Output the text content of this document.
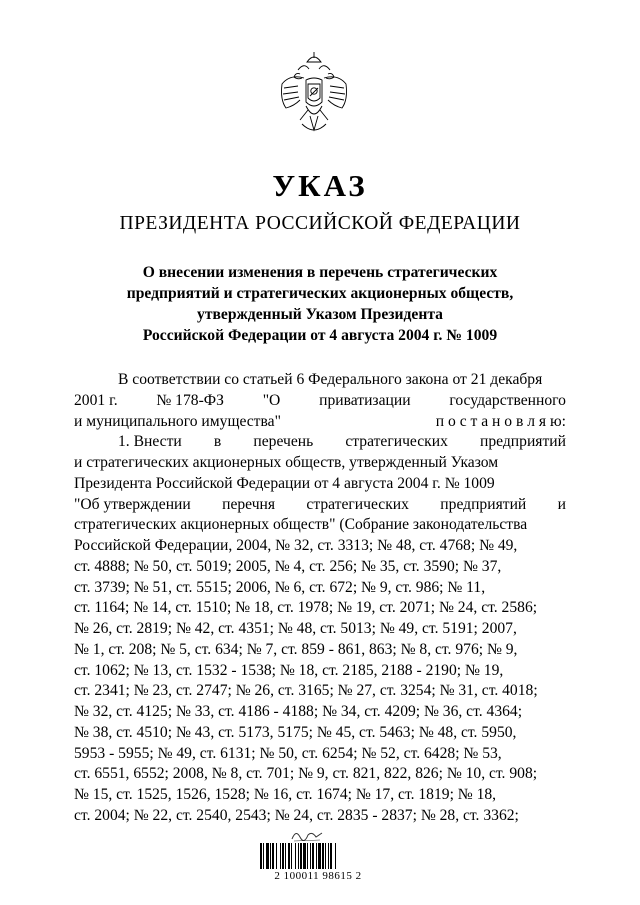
УКАЗ
ПРЕЗИДЕНТА РОССИЙСКОЙ ФЕДЕРАЦИИ
О внесении изменения в перечень стратегических
предприятий и стратегических акционерных обществ,
утвержденный Указом Президента
Российской Федерации от 4 августа 2004 г. № 1009
В соответствии со статьей 6 Федерального закона от 21 декабря
2001 г. № 178-ФЗ "О приватизации государственного
и муниципального имущества"	п о с т а н о в л я ю:
1. Внести в перечень стратегических предприятий
и стратегических акционерных обществ, утвержденный Указом
Президента Российской Федерации от 4 августа 2004 г. № 1009
"Об утверждении перечня стратегических предприятий и
стратегических акционерных обществ" (Собрание законодательства
Российской Федерации, 2004, № 32, ст. 3313; № 48, ст. 4768; № 49,
ст. 4888; № 50, ст. 5019; 2005, № 4, ст. 256; № 35, ст. 3590; № 37,
ст. 3739; № 51, ст. 5515; 2006, № 6, ст. 672; № 9, ст. 986; № 11,
ст. 1164; № 14, ст. 1510; № 18, ст. 1978; № 19, ст. 2071; № 24, ст. 2586;
№ 26, ст. 2819; № 42, ст. 4351; № 48, ст. 5013; № 49, ст. 5191; 2007,
№ 1, ст. 208; № 5, ст. 634; № 7, ст. 859 - 861, 863; № 8, ст. 976; № 9,
ст. 1062; № 13, ст. 1532 - 1538; № 18, ст. 2185, 2188 - 2190; № 19,
ст. 2341; № 23, ст. 2747; № 26, ст. 3165; № 27, ст. 3254; № 31, ст. 4018;
№ 32, ст. 4125; № 33, ст. 4186 - 4188; № 34, ст. 4209; № 36, ст. 4364;
№ 38, ст. 4510; № 43, ст. 5173, 5175; № 45, ст. 5463; № 48, ст. 5950,
5953 - 5955; № 49, ст. 6131; № 50, ст. 6254; № 52, ст. 6428; № 53,
ст. 6551, 6552; 2008, № 8, ст. 701; № 9, ст. 821, 822, 826; № 10, ст. 908;
№ 15, ст. 1525, 1526, 1528; № 16, ст. 1674; № 17, ст. 1819; № 18,
ст. 2004; № 22, ст. 2540, 2543; № 24, ст. 2835 - 2837; № 28, ст. 3362;
2 100011 98615 2
